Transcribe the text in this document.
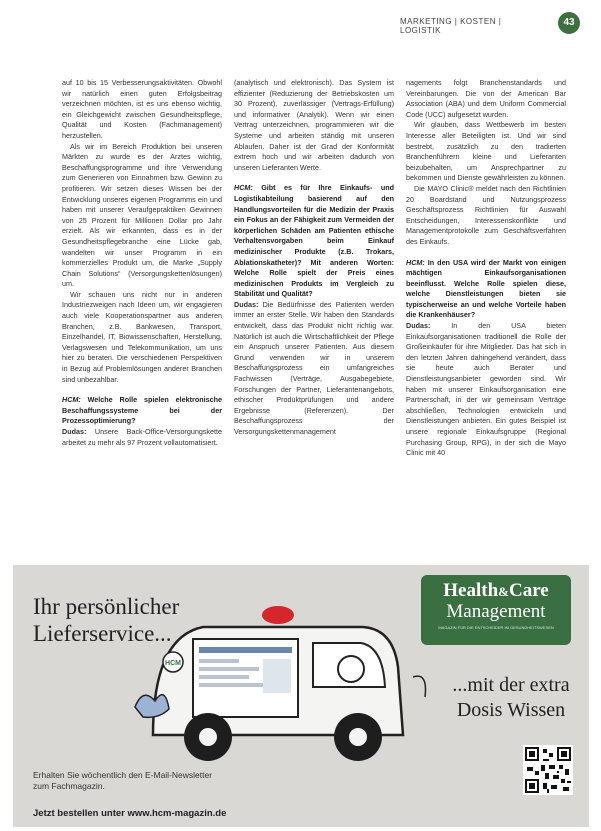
MARKETING | KOSTEN | LOGISTIK
43

auf 10 bis 15 Verbesserungsaktivitäten. Obwohl wir natürlich einen guten Erfolgsbeitrag verzeichnen möchten, ist es uns ebenso wichtig, ein Gleichgewicht zwischen Gesundheitspflege, Qualität und Kosten (Fachmanagement) herzustellen.

Als wir im Bereich Produktion bei unseren Märkten zu wurde es der Arztes wichtig, Beschaffungsprogramme und ihre Verwendung zum Generieren von Einnahmen bzw. Gewinn zu profitieren. Wir setzen dieses Wissen bei der Entwicklung unseres eigenen Programms ein und haben mit unserer Veraufgepraktiken Gewinnen von 25 Prozent für Millionen Dollar pro Jahr erzielt. Als wir erkannten, dass es in der Gesundheitspflegebranche eine Lücke gab, wandelten wir unser Programm in ein kommerzielles Produkt um, die Marke „Supply Chain Solutions“ (Versorgungskettenlösungen) um.

Wir schauen uns nicht nur in anderen Industriezweigen nach Ideen um, wir engagieren auch viele Kooperationspartner aus anderen Branchen, z.B. Bankwesen, Transport, Einzelhandel, IT, Biowissenschaften, Herstellung, Verlagswesen und Telekommunikation, um uns hier zu beraten. Die verschiedenen Perspektiven in Bezug auf Problemlösungen anderer Branchen sind unbezahlbar.

HCM: Welche Rolle spielen elektronische Beschaffungssysteme bei der Prozessoptimierung?

Dudas: Unsere Back-Office-Versorgungskette arbeitet zu mehr als 97 Prozent vollautomatisiert.

(analytisch und elektronisch). Das System ist effizienter (Reduzierung der Betriebskosten um 30 Prozent), zuverlässiger (Vertrags-Erfüllung) und informativer (Analytik). Wenn wir einen Vertrag unterzeichnen, programmieren wir die Systeme und arbeiten ständig mit unseren Ablaufen. Daher ist der Grad der Konformität extrem hoch und wir arbeiten dadurch von unseren Lieferanten Werte.

HCM: Gibt es für Ihre Einkaufs- und Logistikabteilung basierend auf den Handlungsvorteilen für die Medizin der Praxis ein Fokus an der Fähigkeit zum Vermeiden der körperlichen Schäden am Patienten ethische Verhaltensvorgaben beim Einkauf medizinischer Produkte (z.B. Trokars, Ablationskatheter)? Mit anderen Worten: Welche Rolle spielt der Preis eines medizinischen Produkts im Vergleich zu Stabilität und Qualität?

Dudas: Die Bedürfnisse des Patienten werden immer an erster Stelle. Wir haben den Standards entwickelt, dass das Produkt nicht richtig war. Natürlich ist auch die Wirtschaftlichkeit der Pflege ein Anspruch unserer Patienten. Aus diesem Grund verwenden wir in unserem Beschaffungsprozess ein umfangreiches Fachwissen (Verträge, Ausgabegebiete, Forschungen der Partner, Lieferantenangebots, ethischer Produktprüfungen und andere Ergebnisse (Referenzen). Der Beschaffungsprozess der Versorgungskettenmanagement

nagements folgt Branchenstandards und Vereinbarungen. Die von der American Bar Association (ABA) und dem Uniform Commercial Code (UCC) aufgesetzt wurden.

Wir glauben, dass Wettbewerb im besten Interesse aller Beteiligten ist. Und wir sind bestrebt, zusätzlich zu den tradierten Branchenführern kleine und Lieferanten beizubehalten, um Ansprechpartner zu bekommen und Dienste gewährleisten zu können.

Die MAYO Clinic® meldet nach den Richtlinien 20 Boardstand und Nutzungsprozess Geschäftsprozess Richtlinien für Auswahl Entscheidungen, Interessenskonflikte und Managementprotokolle zum Geschäftsverfahren des Einkaufs.

HCM: In den USA wird der Markt von einigen mächtigen Einkaufsorganisationen beeinflusst. Welche Rolle spielen diese, welche Dienstleistungen bieten sie typischerweise an und welche Vorteile haben die Krankenhäuser?

Dudas: In den USA bieten Einkaufsorganisationen traditionell die Rolle der Großeinkäufer für ihre Mitglieder. Das hat sich in den letzten Jahren dahingehend verändert, dass sie heute auch Berater und Dienstleistungsanbieter geworden sind. Wir haben mit unserer Einkaufsorganisation eine Partnerschaft, in der wir gemeinsam Verträge abschließen, Technologien entwickeln und Dienstleistungen anbieten. Ein gutes Beispiel ist unsere regionale Einkaufsgruppe (Regional Purchasing Group, RPG), in der sich die Mayo Clinic mit 40

Ihr persönlicher
Lieferservice...
HCM
Health&Care
Management
MAGAZIN FÜR DIE ENTSCHEIDER IM GESUNDHEITSWESEN
...mit der extra
Dosis Wissen
Erhalten Sie wöchentlich den E-Mail-Newsletter
zum Fachmagazin.
Jetzt bestellen unter www.hcm-magazin.de
